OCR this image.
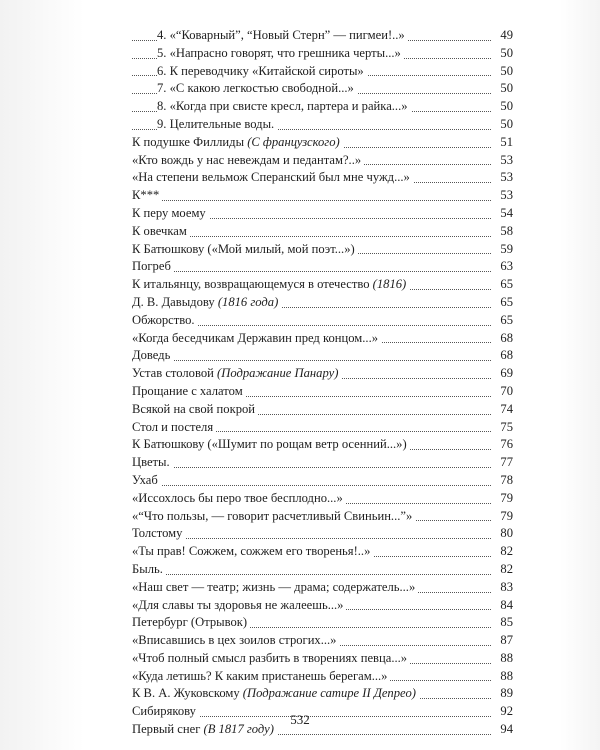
4. «“Коварный”, “Новый Стерн” — пигмеи!..»	49
5. «Напрасно говорят, что грешника черты...»	50
6. К переводчику «Китайской сироты»	50
7. «С какою легкостью свободной...»	50
8. «Когда при свисте кресл, партера и райка...»	50
9. Целительные воды.	50
К подушке Филлиды (С французского)	51
«Кто вождь у нас невеждам и педантам?..»	53
«На степени вельмож Сперанский был мне чужд...»	53
К***	53
К перу моему	54
К овечкам	58
К Батюшкову («Мой милый, мой поэт...»)	59
Погреб	63
К итальянцу, возвращающемуся в отечество (1816)	65
Д. В. Давыдову (1816 года)	65
Обжорство.	65
«Когда беседчикам Державин пред концом...»	68
Доведь	68
Устав столовой (Подражание Панару)	69
Прощание с халатом	70
Всякой на свой покрой	74
Стол и постеля	75
К Батюшкову («Шумит по рощам ветр осенний...»)	76
Цветы.	77
Ухаб	78
«Иссохлось бы перо твое бесплодно...»	79
«“Что пользы, — говорит расчетливый Свиньин...”»	79
Толстому	80
«Ты прав! Сожжем, сожжем его творенья!..»	82
Быль.	82
«Наш свет — театр; жизнь — драма; содержатель...»	83
«Для славы ты здоровья не жалеешь...»	84
Петербург (Отрывок)	85
«Вписавшись в цех зоилов строгих...»	87
«Чтоб полный смысл разбить в творениях певца...»	88
«Куда летишь? К каким пристанешь берегам...»	88
К В. А. Жуковскому (Подражание сатире II Депрео)	89
Сибирякову	92
Первый снег (В 1817 году)	94
532
